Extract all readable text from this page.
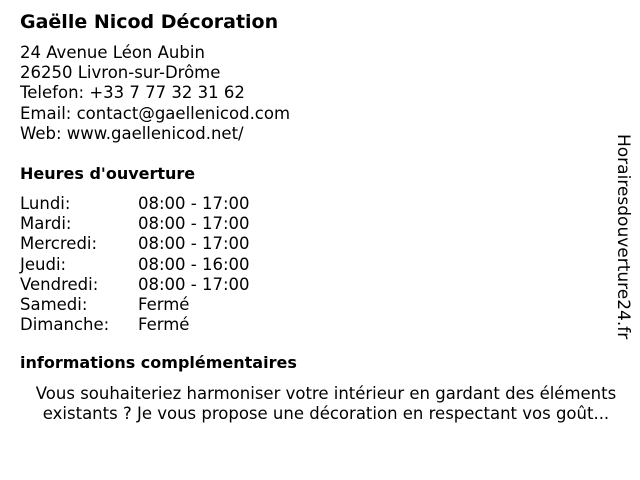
Gaëlle Nicod Décoration
24 Avenue Léon Aubin
26250 Livron-sur-Drôme
Telefon: +33 7 77 32 31 62
Email: contact@gaellenicod.com
Web: www.gaellenicod.net/
Heures d'ouverture
Lundi:	08:00 - 17:00
Mardi:	08:00 - 17:00
Mercredi: 08:00 - 17:00
Jeudi:	08:00 - 16:00
Vendredi: 08:00 - 17:00
Samedi:	Fermé
Dimanche: Fermé
informations complémentaires
Vous souhaiteriez harmoniser votre intérieur en gardant des éléments
existants ? Je vous propose une décoration en respectant vos goût...
Horairesdouverture24.fr
